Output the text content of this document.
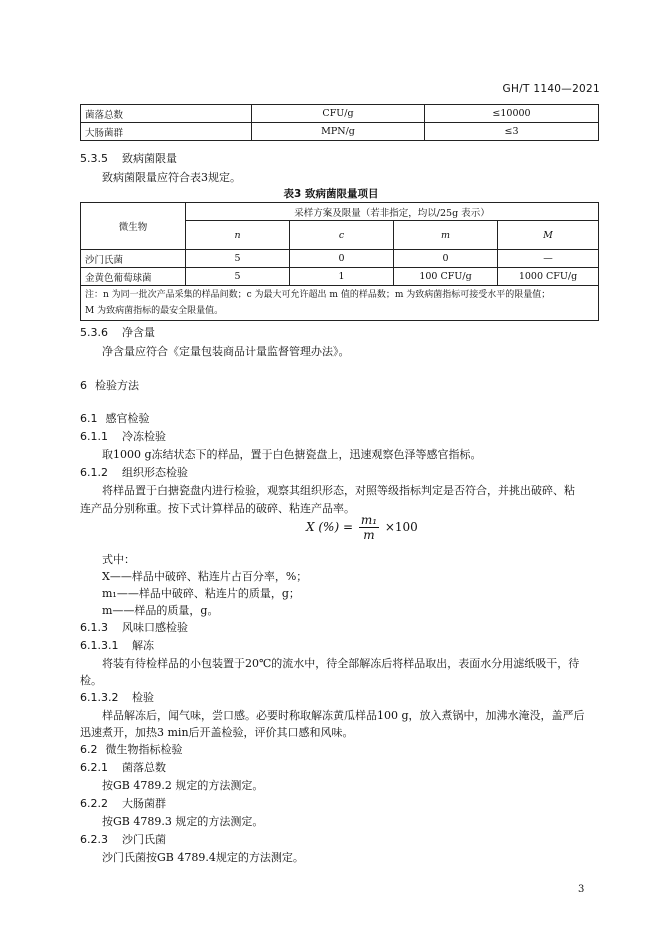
GH/T 1140—2021
菌落总数	CFU/g	≤10000
大肠菌群	MPN/g	≤3
5.3.5 致病菌限量
致病菌限量应符合表3规定。
表3 致病菌限量项目
微生物	采样方案及限量（若非指定，均以/25g 表示）			
	n	c	m	M
沙门氏菌	5	0	0	—
金黄色葡萄球菌	5	1	100 CFU/g	1000 CFU/g
注：n 为同一批次产品采集的样品间数；c 为最大可允许超出 m 值的样品数；m 为致病菌指标可接受水平的限量值；
M 为致病菌指标的最安全限量值。				
5.3.6 净含量
净含量应符合《定量包装商品计量监督管理办法》。
6 检验方法
6.1 感官检验
6.1.1 冷冻检验
取1000 g冻结状态下的样品，置于白色搪瓷盘上，迅速观察色泽等感官指标。
6.1.2 组织形态检验
将样品置于白搪瓷盘内进行检验，观察其组织形态，对照等级指标判定是否符合，并挑出破碎、粘
连产品分别称重。按下式计算样品的破碎、粘连产品率。
X (%) = $\frac{\text{m₁}}{m} \times 100$
式中：
X——样品中破碎、粘连片占百分率，%；
m₁——样品中破碎、粘连片的质量，g；
m——样品的质量，g。
6.1.3 风味口感检验
6.1.3.1 解冻
将装有待检样品的小包装置于20℃的流水中，待全部解冻后将样品取出，表面水分用滤纸吸干，待
检。
6.1.3.2 检验
样品解冻后，闻气味，尝口感。必要时称取解冻黄瓜样品100 g，放入煮锅中，加沸水淹没，盖严后
迅速煮开，加热3 min后开盖检验，评价其口感和风味。
6.2 微生物指标检验
6.2.1 菌落总数
按GB 4789.2 规定的方法测定。
6.2.2 大肠菌群
按GB 4789.3 规定的方法测定。
6.2.3 沙门氏菌
沙门氏菌按GB 4789.4规定的方法测定。
3
